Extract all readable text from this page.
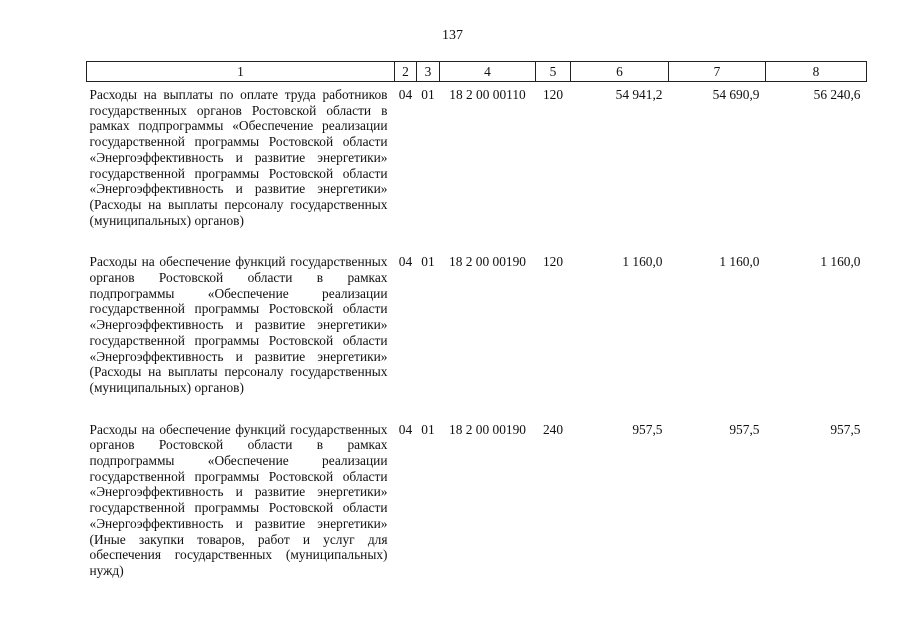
137
1	2	3	4	5	6	7	8
Расходы на выплаты по оплате труда работников государственных органов Ростовской области в рамках подпрограммы «Обеспечение реализации государственной программы Ростовской области «Энергоэффективность и развитие энергетики» государственной программы Ростовской области «Энергоэффективность и развитие энергетики» (Расходы на выплаты персоналу государственных (муниципальных) органов)	04	01	18 2 00 00110	120	54 941,2	54 690,9	56 240,6
Расходы на обеспечение функций государственных органов Ростовской области в рамках подпрограммы «Обеспечение реализации государственной программы Ростовской области «Энергоэффективность и развитие энергетики» государственной программы Ростовской области «Энергоэффективность и развитие энергетики» (Расходы на выплаты персоналу государственных (муниципальных) органов)	04	01	18 2 00 00190	120	1 160,0	1 160,0	1 160,0
Расходы на обеспечение функций государственных органов Ростовской области в рамках подпрограммы «Обеспечение реализации государственной программы Ростовской области «Энергоэффективность и развитие энергетики» государственной программы Ростовской области «Энергоэффективность и развитие энергетики» (Иные закупки товаров, работ и услуг для обеспечения государственных (муниципальных) нужд)	04	01	18 2 00 00190	240	957,5	957,5	957,5
